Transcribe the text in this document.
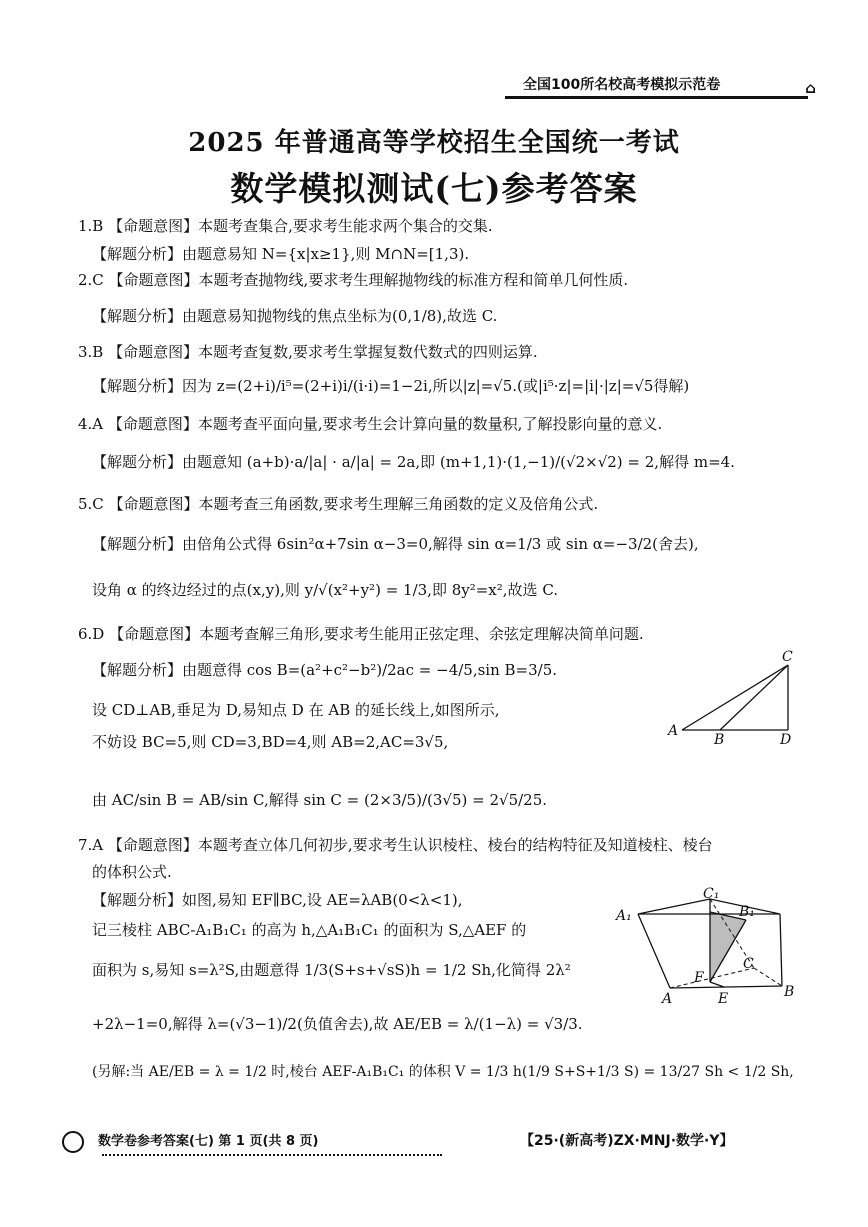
全国100所名校高考模拟示范卷	⌂
2025 年普通高等学校招生全国统一考试
数学模拟测试(七)参考答案
1.B 【命题意图】本题考查集合,要求考生能求两个集合的交集.
【解题分析】由题意易知 N={x|x≥1},则 M∩N=[1,3).
2.C 【命题意图】本题考查抛物线,要求考生理解抛物线的标准方程和简单几何性质.
【解题分析】由题意易知抛物线的焦点坐标为(0,1/8),故选 C.
3.B 【命题意图】本题考查复数,要求考生掌握复数代数式的四则运算.
【解题分析】因为 z=(2+i)/i⁵=(2+i)i/(i·i)=1−2i,所以|z|=√5.(或|i⁵·z|=|i|·|z|=√5得解)
4.A 【命题意图】本题考查平面向量,要求考生会计算向量的数量积,了解投影向量的意义.
【解题分析】由题意知 (a+b)·a/|a| · a/|a| = 2a,即 (m+1,1)·(1,−1)/(√2×√2) = 2,解得 m=4.
5.C 【命题意图】本题考查三角函数,要求考生理解三角函数的定义及倍角公式.
【解题分析】由倍角公式得 6sin²α+7sin α−3=0,解得 sin α=1/3 或 sin α=−3/2(舍去),
设角 α 的终边经过的点(x,y),则 y/√(x²+y²) = 1/3,即 8y²=x²,故选 C.
6.D 【命题意图】本题考查解三角形,要求考生能用正弦定理、余弦定理解决简单问题.
【解题分析】由题意得 cos B=(a²+c²−b²)/2ac = −4/5,sin B=3/5.
设 CD⊥AB,垂足为 D,易知点 D 在 AB 的延长线上,如图所示,
不妨设 BC=5,则 CD=3,BD=4,则 AB=2,AC=3√5,
由 AC/sin B = AB/sin C,解得 sin C = (2×3/5)/(3√5) = 2√5/25.
7.A 【命题意图】本题考查立体几何初步,要求考生认识棱柱、棱台的结构特征及知道棱柱、棱台
的体积公式.
【解题分析】如图,易知 EF∥BC,设 AE=λAB(0<λ<1),
记三棱柱 ABC-A₁B₁C₁ 的高为 h,△A₁B₁C₁ 的面积为 S,△AEF 的
面积为 s,易知 s=λ²S,由题意得 1/3(S+s+√sS)h = 1/2 Sh,化简得 2λ²
+2λ−1=0,解得 λ=(√3−1)/2(负值舍去),故 AE/EB = λ/(1−λ) = √3/3.
(另解:当 AE/EB = λ = 1/2 时,棱台 AEF-A₁B₁C₁ 的体积 V = 1/3 h(1/9 S+S+1/3 S) = 13/27 Sh < 1/2 Sh,
A
B
C
D
A₁	B₁
C₁
A	B
C
E
F
数学卷参考答案(七) 第 1 页(共 8 页)	【25·(新高考)ZX·MNJ·数学·Y】
